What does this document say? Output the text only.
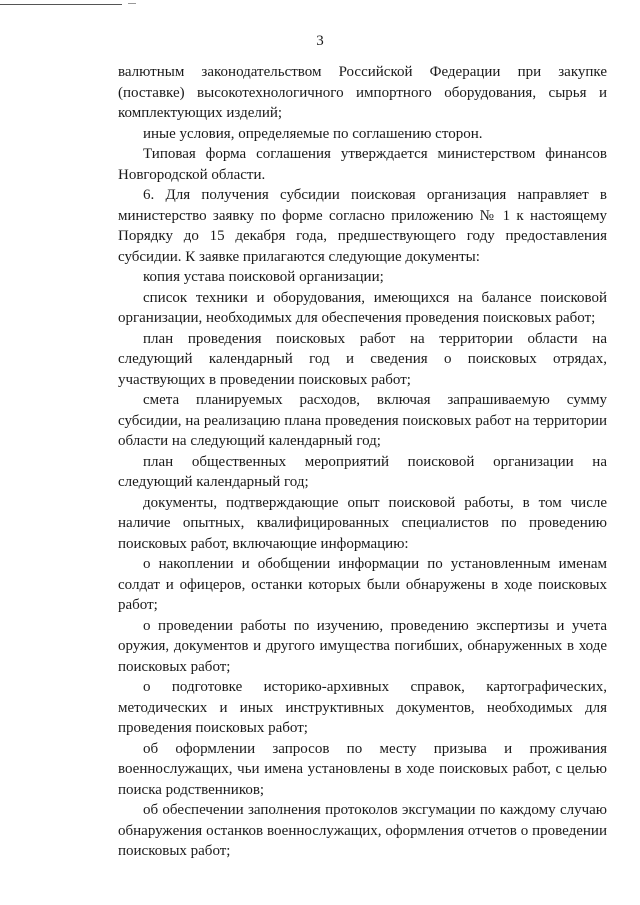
3

валютным законодательством Российской Федерации при закупке (поставке) высокотехнологичного импортного оборудования, сырья и комплектующих изделий;

иные условия, определяемые по соглашению сторон.

Типовая форма соглашения утверждается министерством финансов Новгородской области.

6. Для получения субсидии поисковая организация направляет в министерство заявку по форме согласно приложению № 1 к настоящему Порядку до 15 декабря года, предшествующего году предоставления субсидии. К заявке прилагаются следующие документы:

копия устава поисковой организации;

список техники и оборудования, имеющихся на балансе поисковой организации, необходимых для обеспечения проведения поисковых работ;

план проведения поисковых работ на территории области на следующий календарный год и сведения о поисковых отрядах, участвующих в проведении поисковых работ;

смета планируемых расходов, включая запрашиваемую сумму субсидии, на реализацию плана проведения поисковых работ на территории области на следующий календарный год;

план общественных мероприятий поисковой организации на следующий календарный год;

документы, подтверждающие опыт поисковой работы, в том числе наличие опытных, квалифицированных специалистов по проведению поисковых работ, включающие информацию:

о накоплении и обобщении информации по установленным именам солдат и офицеров, останки которых были обнаружены в ходе поисковых работ;

о проведении работы по изучению, проведению экспертизы и учета оружия, документов и другого имущества погибших, обнаруженных в ходе поисковых работ;

о подготовке историко-архивных справок, картографических, методических и иных инструктивных документов, необходимых для проведения поисковых работ;

об оформлении запросов по месту призыва и проживания военнослужащих, чьи имена установлены в ходе поисковых работ, с целью поиска родственников;

об обеспечении заполнения протоколов эксгумации по каждому случаю обнаружения останков военнослужащих, оформления отчетов о проведении поисковых работ;
